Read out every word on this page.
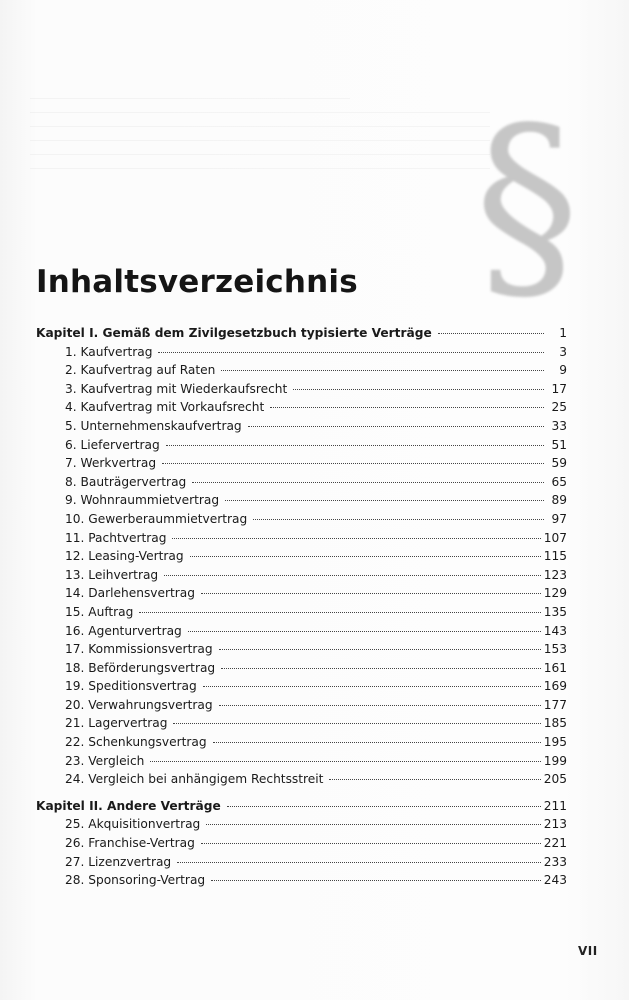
§
Inhaltsverzeichnis
Kapitel I. Gemäß dem Zivilgesetzbuch typisierte Verträge	1
1. Kaufvertrag	3
2. Kaufvertrag auf Raten	9
3. Kaufvertrag mit Wiederkaufsrecht	17
4. Kaufvertrag mit Vorkaufsrecht	25
5. Unternehmenskaufvertrag	33
6. Liefervertrag	51
7. Werkvertrag	59
8. Bauträgervertrag	65
9. Wohnraummietvertrag	89
10. Gewerberaummietvertrag	97
11. Pachtvertrag	107
12. Leasing-Vertrag	115
13. Leihvertrag	123
14. Darlehensvertrag	129
15. Auftrag	135
16. Agenturvertrag	143
17. Kommissionsvertrag	153
18. Beförderungsvertrag	161
19. Speditionsvertrag	169
20. Verwahrungsvertrag	177
21. Lagervertrag	185
22. Schenkungsvertrag	195
23. Vergleich	199
24. Vergleich bei anhängigem Rechtsstreit	205
Kapitel II. Andere Verträge	211
25. Akquisitionvertrag	213
26. Franchise-Vertrag	221
27. Lizenzvertrag	233
28. Sponsoring-Vertrag	243
VII
